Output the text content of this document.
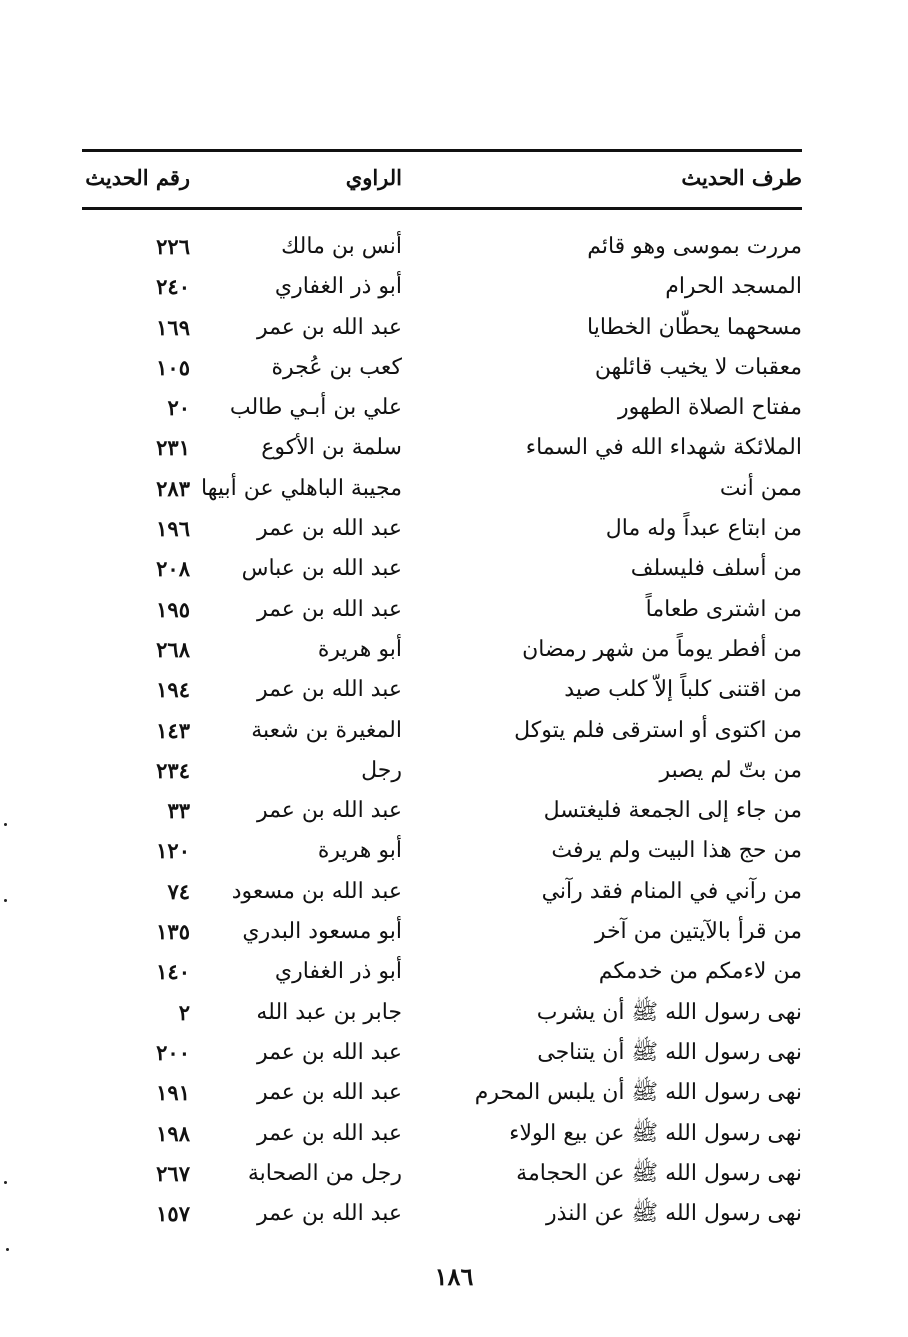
طرف الحديث
الراوي
رقم الحديث
مررت بموسى وهو قائم
أنس بن مالك
٢٢٦
المسجد الحرام
أبو ذر الغفاري
٢٤٠
مسحهما يحطّان الخطايا
عبد الله بن عمر
١٦٩
معقبات لا يخيب قائلهن
كعب بن عُجرة
١٠٥
مفتاح الصلاة الطهور
علي بن أبـي طالب
٢٠
الملائكة شهداء الله في السماء
سلمة بن الأكوع
٢٣١
ممن أنت
مجيبة الباهلي عن أبيها
٢٨٣
من ابتاع عبداً وله مال
عبد الله بن عمر
١٩٦
من أسلف فليسلف
عبد الله بن عباس
٢٠٨
من اشترى طعاماً
عبد الله بن عمر
١٩٥
من أفطر يوماً من شهر رمضان
أبو هريرة
٢٦٨
من اقتنى كلباً إلاّ كلب صيد
عبد الله بن عمر
١٩٤
من اكتوى أو استرقى فلم يتوكل
المغيرة بن شعبة
١٤٣
من بتّ لم يصبر
رجل
٢٣٤
من جاء إلى الجمعة فليغتسل
عبد الله بن عمر
٣٣
من حج هذا البيت ولم يرفث
أبو هريرة
١٢٠
من رآني في المنام فقد رآني
عبد الله بن مسعود
٧٤
من قرأ بالآيتين من آخر
أبو مسعود البدري
١٣٥
من لاءمكم من خدمكم
أبو ذر الغفاري
١٤٠
نهى رسول الله ﷺ أن يشرب
جابر بن عبد الله
٢
نهى رسول الله ﷺ أن يتناجى
عبد الله بن عمر
٢٠٠
نهى رسول الله ﷺ أن يلبس المحرم
عبد الله بن عمر
١٩١
نهى رسول الله ﷺ عن بيع الولاء
عبد الله بن عمر
١٩٨
نهى رسول الله ﷺ عن الحجامة
رجل من الصحابة
٢٦٧
نهى رسول الله ﷺ عن النذر
عبد الله بن عمر
١٥٧
١٨٦
